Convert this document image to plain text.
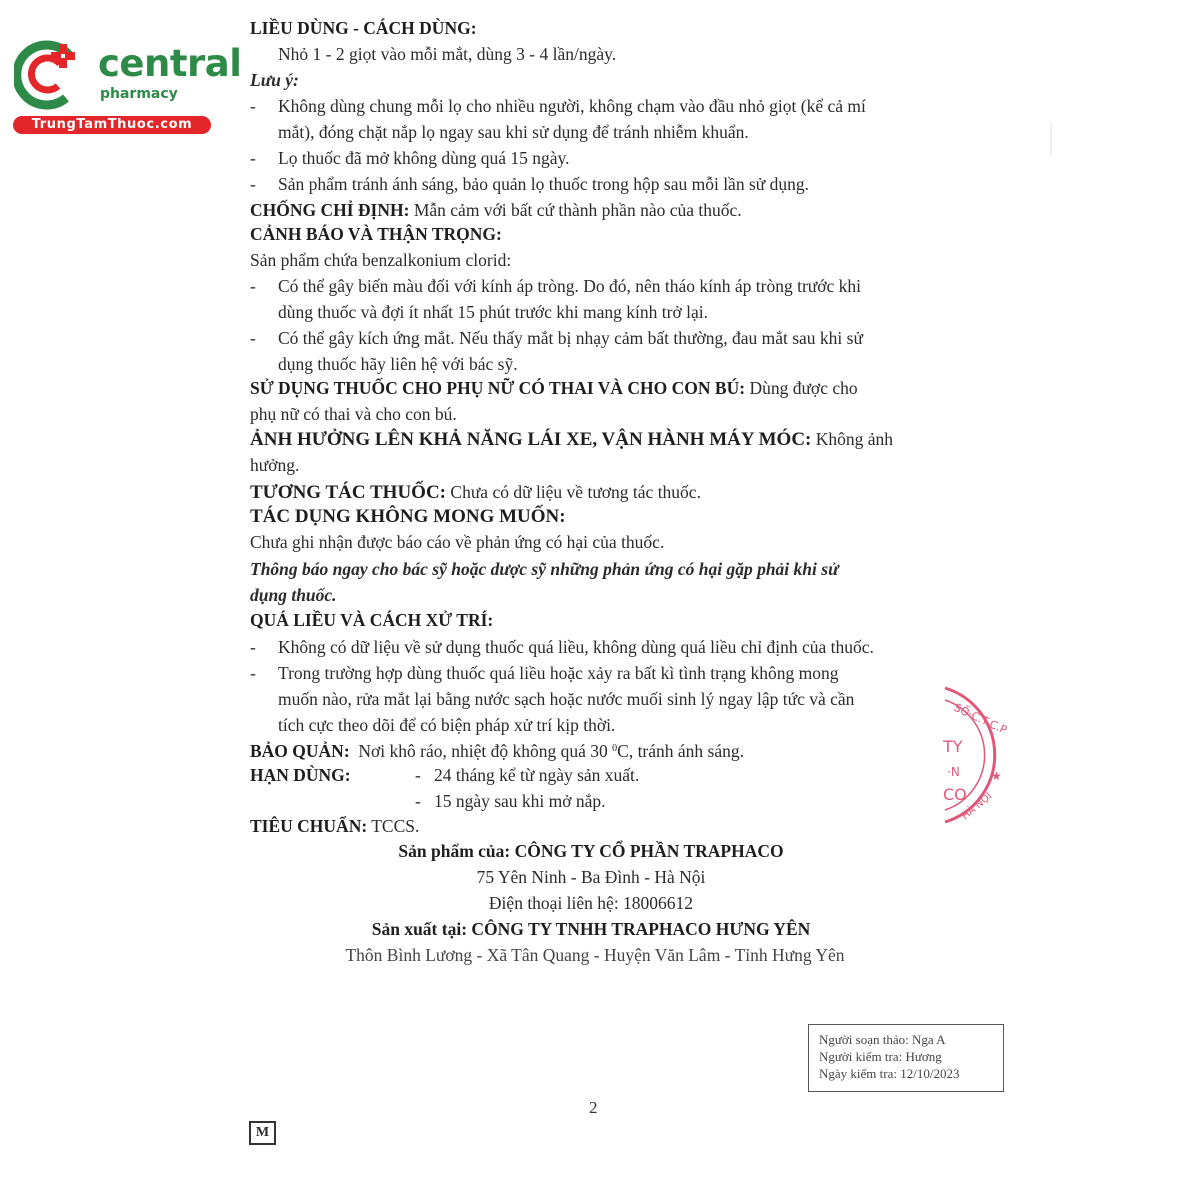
central
pharmacy
TrungTamThuoc.com
LIỀU DÙNG - CÁCH DÙNG:
Nhỏ 1 - 2 giọt vào mỗi mắt, dùng 3 - 4 lần/ngày.
Lưu ý:
- Không dùng chung mỗi lọ cho nhiều người, không chạm vào đầu nhỏ giọt (kể cả mí
mắt), đóng chặt nắp lọ ngay sau khi sử dụng để tránh nhiễm khuẩn.
- Lọ thuốc đã mở không dùng quá 15 ngày.
- Sản phẩm tránh ánh sáng, bảo quản lọ thuốc trong hộp sau mỗi lần sử dụng.
CHỐNG CHỈ ĐỊNH: Mẫn cảm với bất cứ thành phần nào của thuốc.
CẢNH BÁO VÀ THẬN TRỌNG:
Sản phẩm chứa benzalkonium clorid:
- Có thể gây biến màu đối với kính áp tròng. Do đó, nên tháo kính áp tròng trước khi
dùng thuốc và đợi ít nhất 15 phút trước khi mang kính trở lại.
- Có thể gây kích ứng mắt. Nếu thấy mắt bị nhạy cảm bất thường, đau mắt sau khi sử
dụng thuốc hãy liên hệ với bác sỹ.
SỬ DỤNG THUỐC CHO PHỤ NỮ CÓ THAI VÀ CHO CON BÚ: Dùng được cho
phụ nữ có thai và cho con bú.
ẢNH HƯỞNG LÊN KHẢ NĂNG LÁI XE, VẬN HÀNH MÁY MÓC: Không ảnh
hưởng.
TƯƠNG TÁC THUỐC: Chưa có dữ liệu về tương tác thuốc.
TÁC DỤNG KHÔNG MONG MUỐN:
Chưa ghi nhận được báo cáo về phản ứng có hại của thuốc.
Thông báo ngay cho bác sỹ hoặc dược sỹ những phản ứng có hại gặp phải khi sử
dụng thuốc.
QUÁ LIỀU VÀ CÁCH XỬ TRÍ:
- Không có dữ liệu về sử dụng thuốc quá liều, không dùng quá liều chỉ định của thuốc.
- Trong trường hợp dùng thuốc quá liều hoặc xảy ra bất kì tình trạng không mong
muốn nào, rửa mắt lại bằng nước sạch hoặc nước muối sinh lý ngay lập tức và cần
tích cực theo dõi để có biện pháp xử trí kịp thời.
BẢO QUẢN: Nơi khô ráo, nhiệt độ không quá 30 $^0$C, tránh ánh sáng.
HẠN DÙNG:	- 24 tháng kể từ ngày sản xuất.
- 15 ngày sau khi mở nắp.
TIÊU CHUẨN: TCCS.
Sản phẩm của: CÔNG TY CỔ PHẦN TRAPHACO
75 Yên Ninh - Ba Đình - Hà Nội
Điện thoại liên hệ: 18006612
Sản xuất tại: CÔNG TY TNHH TRAPHACO HƯNG YÊN
Thôn Bình Lương - Xã Tân Quang - Huyện Văn Lâm - Tỉnh Hưng Yên
SỐ·C.T.C.P
★
HÀ NỘI
TY
·N
CO
Người soạn thảo: Nga A
Người kiểm tra: Hương
Ngày kiểm tra: 12/10/2023
2
M
